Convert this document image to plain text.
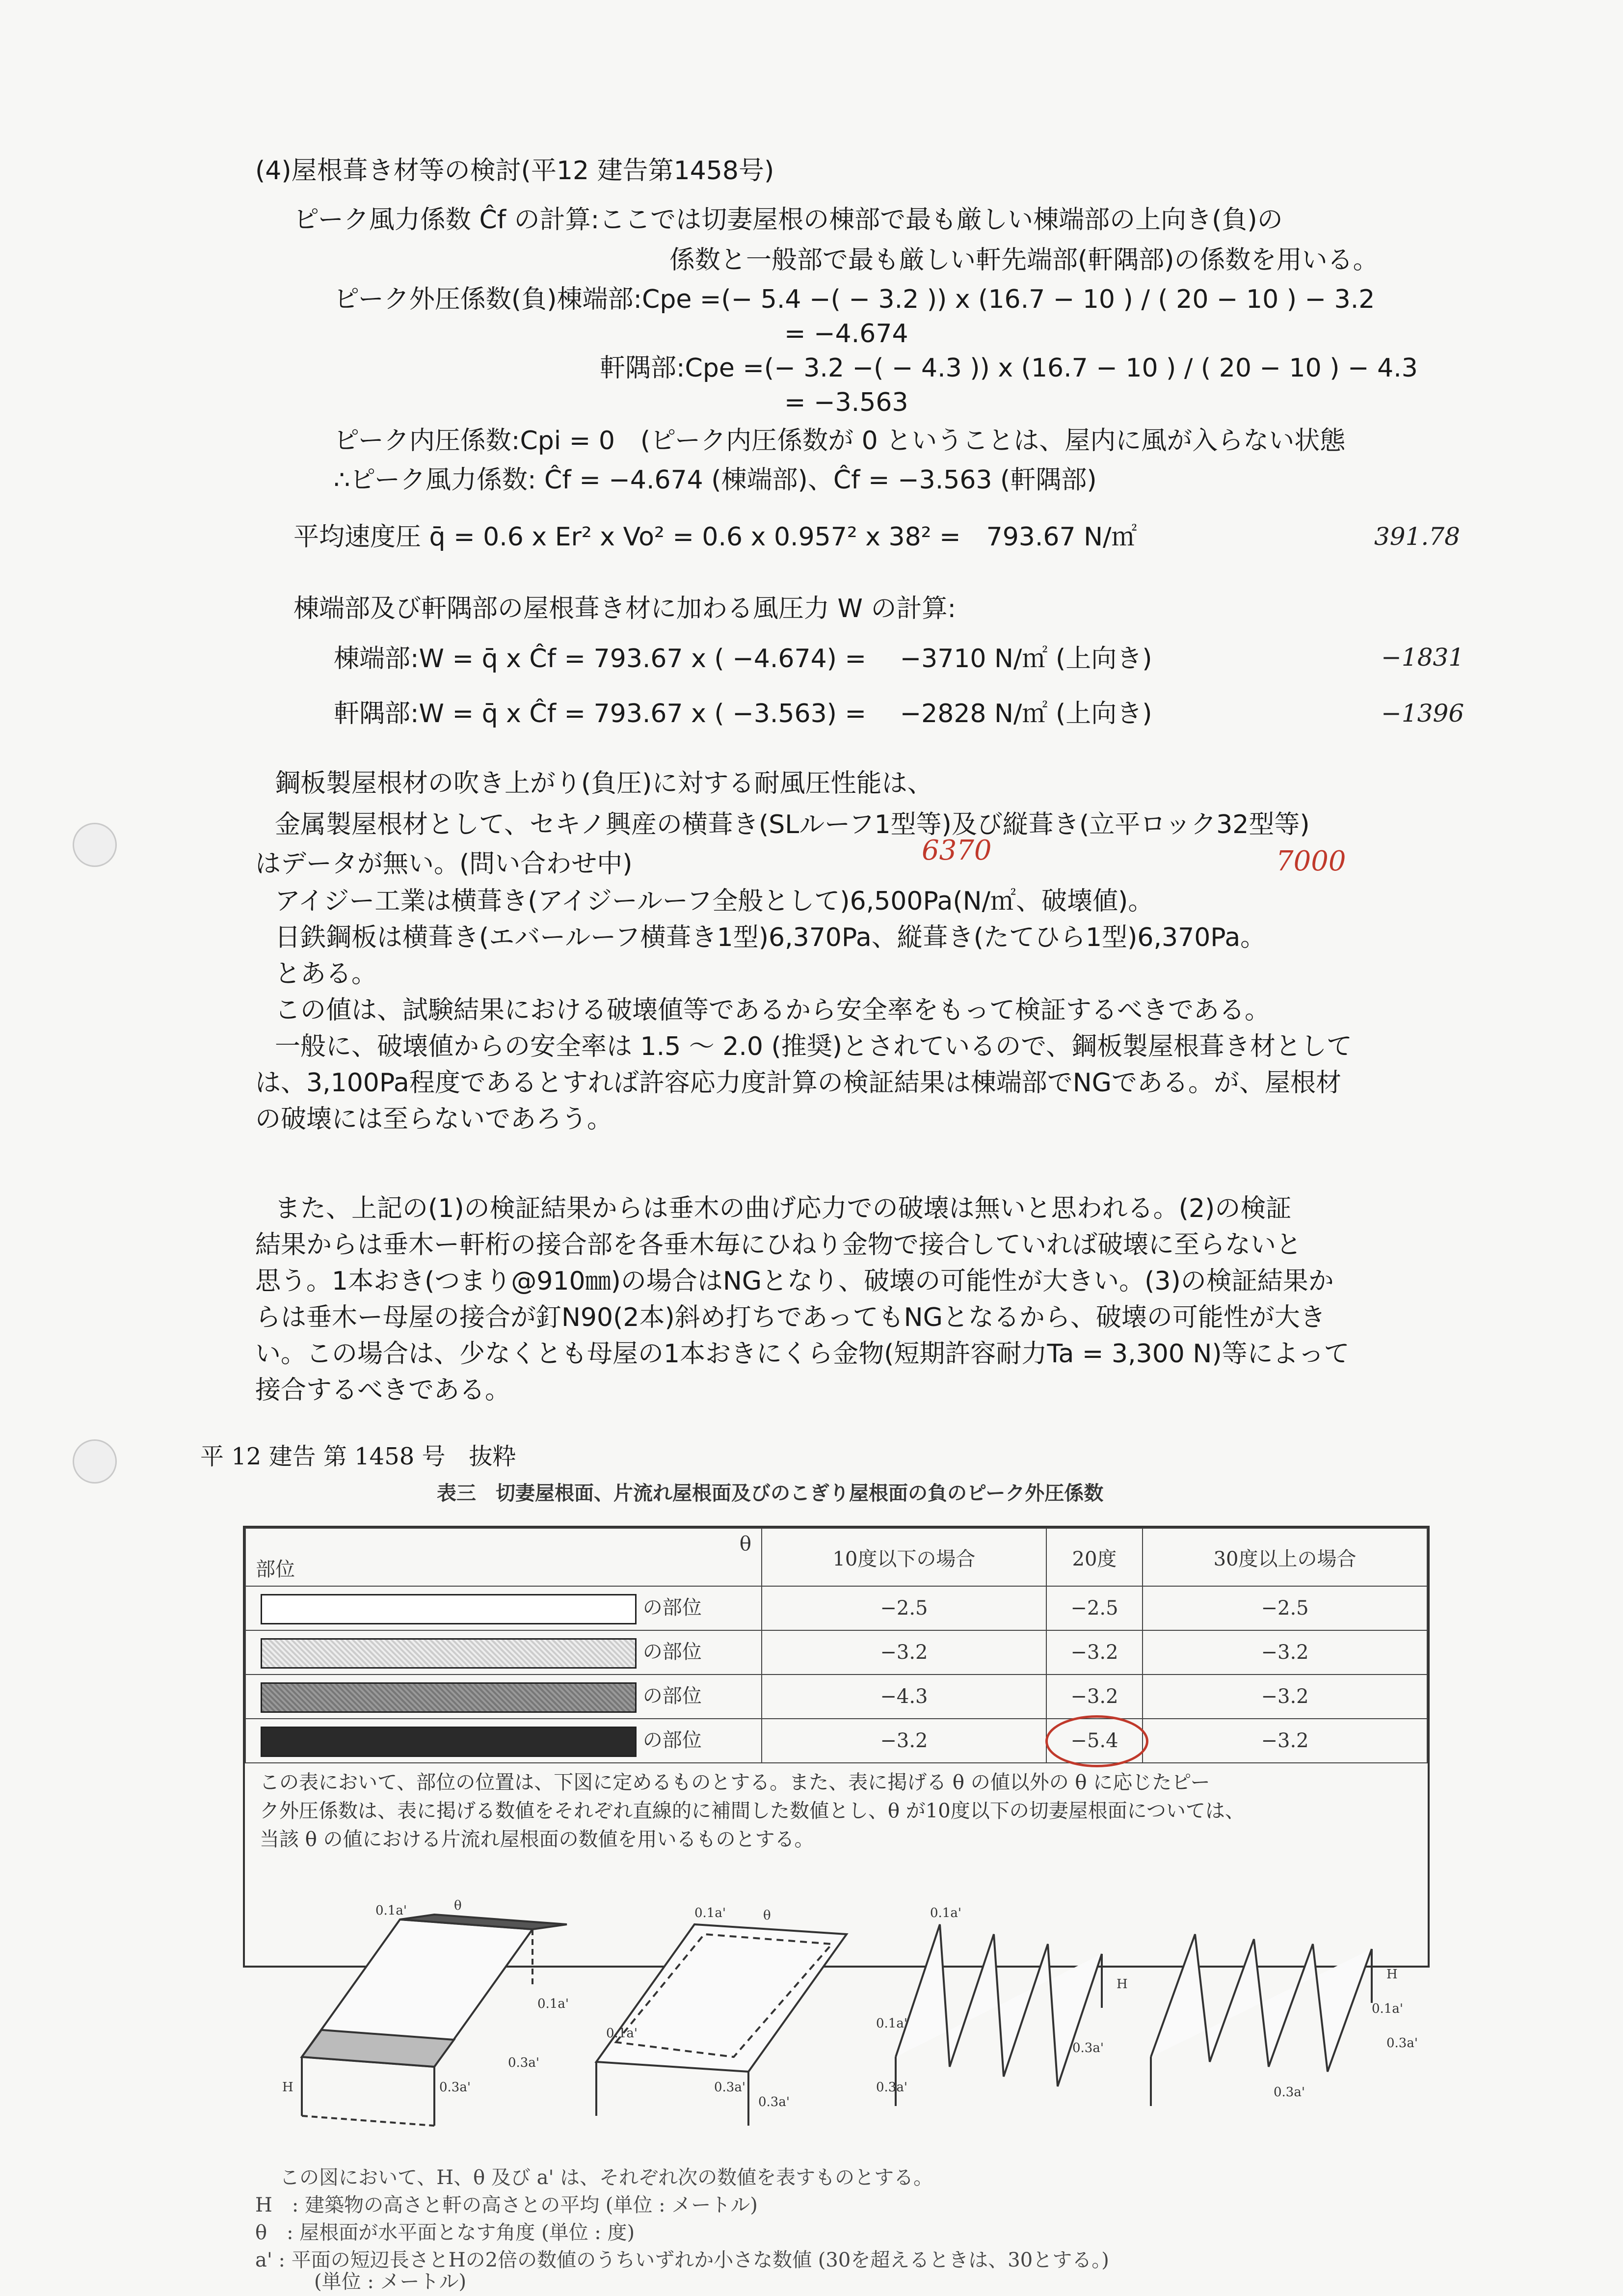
(4)屋根葺き材等の検討(平12 建告第1458号)
ピーク風力係数 Ĉf の計算:ここでは切妻屋根の棟部で最も厳しい棟端部の上向き(負)の
係数と一般部で最も厳しい軒先端部(軒隅部)の係数を用いる。
ピーク外圧係数(負)棟端部:Cpe =(− 5.4 −( − 3.2 )) x (16.7 − 10 ) / ( 20 − 10 ) − 3.2
= −4.674
軒隅部:Cpe =(− 3.2 −( − 4.3 )) x (16.7 − 10 ) / ( 20 − 10 ) − 4.3
= −3.563
ピーク内圧係数:Cpi = 0　(ピーク内圧係数が 0 ということは、屋内に風が入らない状態
∴ピーク風力係数: Ĉf = −4.674 (棟端部)、Ĉf = −3.563 (軒隅部)
平均速度圧 q̄ = 0.6 x Er² x Vo² = 0.6 x 0.957² x 38² =　793.67 N/㎡	391.78
棟端部及び軒隅部の屋根葺き材に加わる風圧力 W の計算:
棟端部:W = q̄ x Ĉf = 793.67 x ( −4.674) =　 −3710 N/㎡ (上向き)	−1831
軒隅部:W = q̄ x Ĉf = 793.67 x ( −3.563) =　 −2828 N/㎡ (上向き)	−1396
鋼板製屋根材の吹き上がり(負圧)に対する耐風圧性能は、
金属製屋根材として、セキノ興産の横葺き(SLルーフ1型等)及び縦葺き(立平ロック32型等)
はデータが無い。(問い合わせ中)	6370	7000
アイジー工業は横葺き(アイジールーフ全般として)6,500Pa(N/㎡、破壊値)。
日鉄鋼板は横葺き(エバールーフ横葺き1型)6,370Pa、縦葺き(たてひら1型)6,370Pa。
とある。
この値は、試験結果における破壊値等であるから安全率をもって検証するべきである。
一般に、破壊値からの安全率は 1.5 ～ 2.0 (推奨)とされているので、鋼板製屋根葺き材として
は、3,100Pa程度であるとすれば許容応力度計算の検証結果は棟端部でNGである。が、屋根材
の破壊には至らないであろう。
また、上記の(1)の検証結果からは垂木の曲げ応力での破壊は無いと思われる。(2)の検証
結果からは垂木ー軒桁の接合部を各垂木毎にひねり金物で接合していれば破壊に至らないと
思う。1本おき(つまり@910㎜)の場合はNGとなり、破壊の可能性が大きい。(3)の検証結果か
らは垂木ー母屋の接合が釘N90(2本)斜め打ちであってもNGとなるから、破壊の可能性が大き
い。この場合は、少なくとも母屋の1本おきにくら金物(短期許容耐力Ta = 3,300 N)等によって
接合するべきである。
平 12 建告 第 1458 号　抜粋
表三　切妻屋根面、片流れ屋根面及びのこぎり屋根面の負のピーク外圧係数
θ
部位	10度以下の場合	20度	30度以上の場合
の部位	−2.5	−2.5	−2.5
の部位	−3.2	−3.2	−3.2
の部位	−4.3	−3.2	−3.2
の部位	−3.2	−5.4	−3.2
この表において、部位の位置は、下図に定めるものとする。また、表に掲げる θ の値以外の θ に応じたピー
ク外圧係数は、表に掲げる数値をそれぞれ直線的に補間した数値とし、θ が10度以下の切妻屋根面については、
当該 θ の値における片流れ屋根面の数値を用いるものとする。
0.1a'
0.1a'
0.3a'
0.3a'
H
θ	0.1a'
0.1a'
0.3a'
0.3a'
θ	0.1a'
0.1a'
0.3a'
0.3a'
H
0.1a'
0.3a'
0.3a'
H
この図において、H、θ 及び a' は、それぞれ次の数値を表すものとする。
H　: 建築物の高さと軒の高さとの平均 (単位 : メートル)
θ　: 屋根面が水平面となす角度 (単位 : 度)
a' : 平面の短辺長さとHの2倍の数値のうちいずれか小さな数値 (30を超えるときは、30とする。)
(単位 : メートル)
